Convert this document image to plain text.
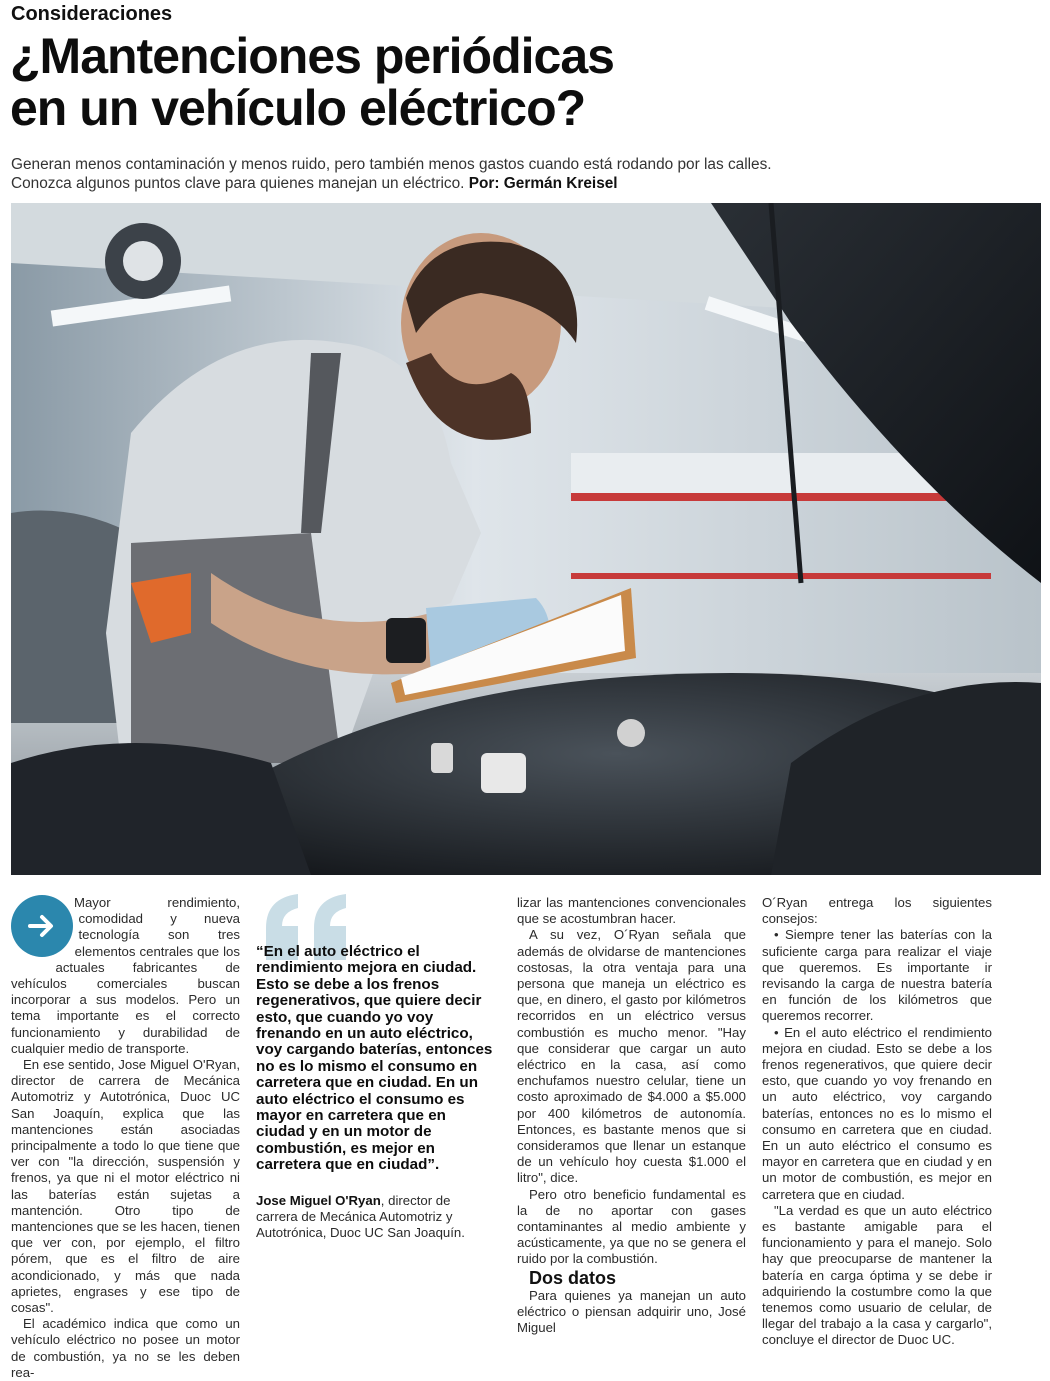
Consideraciones
¿Mantenciones periódicas
en un vehículo eléctrico?
Generan menos contaminación y menos ruido, pero también menos gastos cuando está rodando por las calles.
Conozca algunos puntos clave para quienes manejan un eléctrico. Por: Germán Kreisel

Mayor rendimiento, comodidad y nueva tecnología son tres elementos centrales que los actuales fabricantes de vehículos comerciales buscan incorporar a sus modelos. Pero un tema importante es el correcto funcionamiento y durabilidad de cualquier medio de transporte.

En ese sentido, Jose Miguel O'Ryan, director de carrera de Mecánica Automotriz y Autotrónica, Duoc UC San Joaquín, explica que las mantenciones están asociadas principalmente a todo lo que tiene que ver con "la dirección, suspensión y frenos, ya que ni el motor eléctrico ni las baterías están sujetas a mantención. Otro tipo de mantenciones que se les hacen, tienen que ver con, por ejemplo, el filtro pórem, que es el filtro de aire acondicionado, y más que nada aprietes, engrases y ese tipo de cosas".

El académico indica que como un vehículo eléctrico no posee un motor de combustión, ya no se les deben rea-

“En el auto eléctrico el rendimiento mejora en ciudad. Esto se debe a los frenos regenerativos, que quiere decir esto, que cuando yo voy frenando en un auto eléctrico, voy cargando baterías, entonces no es lo mismo el consumo en carretera que en ciudad. En un auto eléctrico el consumo es mayor en carretera que en ciudad y en un motor de combustión, es mejor en carretera que en ciudad”.

Jose Miguel O'Ryan, director de carrera de Mecánica Automotriz y Autotrónica, Duoc UC San Joaquín.

lizar las mantenciones convencionales que se acostumbran hacer.

A su vez, O´Ryan señala que además de olvidarse de mantenciones costosas, la otra ventaja para una persona que maneja un eléctrico es que, en dinero, el gasto por kilómetros recorridos en un eléctrico versus combustión es mucho menor. "Hay que considerar que cargar un auto eléctrico en la casa, así como enchufamos nuestro celular, tiene un costo aproximado de $4.000 a $5.000 por 400 kilómetros de autonomía. Entonces, es bastante menos que si consideramos que llenar un estanque de un vehículo hoy cuesta $1.000 el litro", dice.

Pero otro beneficio fundamental es la de no aportar con gases contaminantes al medio ambiente y acústicamente, ya que no se genera el ruido por la combustión.

Dos datos

Para quienes ya manejan un auto eléctrico o piensan adquirir uno, José Miguel

O´Ryan entrega los siguientes consejos:

• Siempre tener las baterías con la suficiente carga para realizar el viaje que queremos. Es importante ir revisando la carga de nuestra batería en función de los kilómetros que queremos recorrer.

• En el auto eléctrico el rendimiento mejora en ciudad. Esto se debe a los frenos regenerativos, que quiere decir esto, que cuando yo voy frenando en un auto eléctrico, voy cargando baterías, entonces no es lo mismo el consumo en carretera que en ciudad. En un auto eléctrico el consumo es mayor en carretera que en ciudad y en un motor de combustión, es mejor en carretera que en ciudad.

"La verdad es que un auto eléctrico es bastante amigable para el funcionamiento y para el manejo. Solo hay que preocuparse de mantener la batería en carga óptima y se debe ir adquiriendo la costumbre como la que tenemos como usuario de celular, de llegar del trabajo a la casa y cargarlo", concluye el director de Duoc UC.
